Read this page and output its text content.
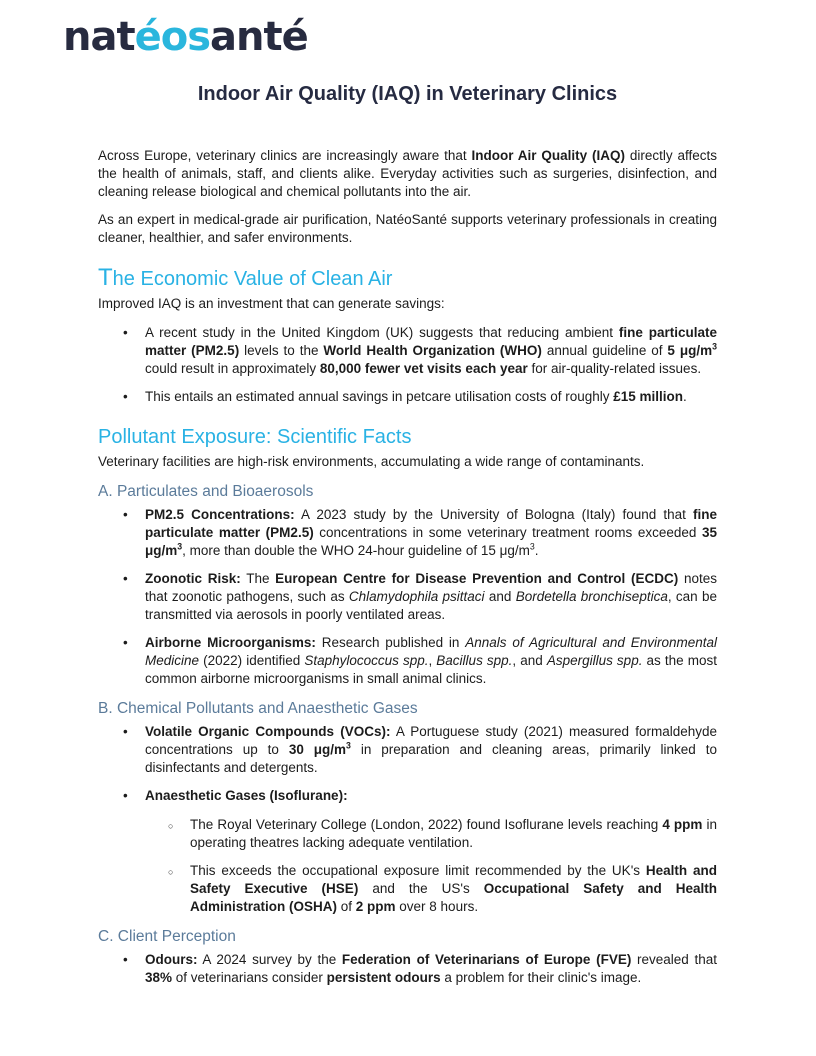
natéosanté
Indoor Air Quality (IAQ) in Veterinary Clinics

Across Europe, veterinary clinics are increasingly aware that Indoor Air Quality (IAQ) directly affects the health of animals, staff, and clients alike. Everyday activities such as surgeries, disinfection, and cleaning release biological and chemical pollutants into the air.

As an expert in medical-grade air purification, NatéoSanté supports veterinary professionals in creating cleaner, healthier, and safer environments.

The Economic Value of Clean Air

Improved IAQ is an investment that can generate savings:

• A recent study in the United Kingdom (UK) suggests that reducing ambient fine particulate matter (PM2.5) levels to the World Health Organization (WHO) annual guideline of 5 $\mu g/m^3$ could result in approximately 80,000 fewer vet visits each year for air-quality-related issues.
• This entails an estimated annual savings in petcare utilisation costs of roughly £15 million.
Pollutant Exposure: Scientific Facts

Veterinary facilities are high-risk environments, accumulating a wide range of contaminants.

A. Particulates and Bioaerosols
• PM2.5 Concentrations: A 2023 study by the University of Bologna (Italy) found that fine particulate matter (PM2.5) concentrations in some veterinary treatment rooms exceeded 35 $\mu g/m^3$, more than double the WHO 24-hour guideline of 15 $\mu g/m^3$.
• Zoonotic Risk: The European Centre for Disease Prevention and Control (ECDC) notes that zoonotic pathogens, such as Chlamydophila psittaci and Bordetella bronchiseptica, can be transmitted via aerosols in poorly ventilated areas.
• Airborne Microorganisms: Research published in Annals of Agricultural and Environmental Medicine (2022) identified Staphylococcus spp., Bacillus spp., and Aspergillus spp. as the most common airborne microorganisms in small animal clinics.
B. Chemical Pollutants and Anaesthetic Gases
• Volatile Organic Compounds (VOCs): A Portuguese study (2021) measured formaldehyde concentrations up to 30 $\mu g/m^3$ in preparation and cleaning areas, primarily linked to disinfectants and detergents.
• Anaesthetic Gases (Isoflurane):
○ The Royal Veterinary College (London, 2022) found Isoflurane levels reaching 4 ppm in operating theatres lacking adequate ventilation.
○ This exceeds the occupational exposure limit recommended by the UK's Health and Safety Executive (HSE) and the US's Occupational Safety and Health Administration (OSHA) of 2 ppm over 8 hours.
C. Client Perception
• Odours: A 2024 survey by the Federation of Veterinarians of Europe (FVE) revealed that 38% of veterinarians consider persistent odours a problem for their clinic's image.
